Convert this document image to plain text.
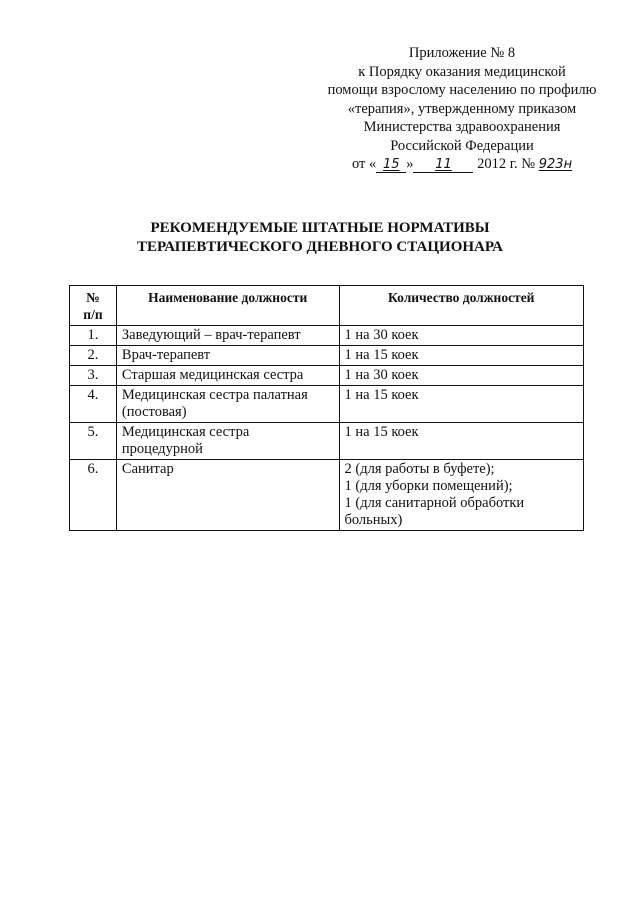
Приложение № 8
к Порядку оказания медицинской
помощи взрослому населению по профилю
«терапия», утвержденному приказом
Министерства здравоохранения
Российской Федерации
от « 15 » 11 2012 г. № 923н
РЕКОМЕНДУЕМЫЕ ШТАТНЫЕ НОРМАТИВЫ
ТЕРАПЕВТИЧЕСКОГО ДНЕВНОГО СТАЦИОНАРА
№
п/п	Наименование должности	Количество должностей
1.	Заведующий – врач-терапевт	1 на 30 коек

2.	Врач-терапевт	1 на 15 коек

3.	Старшая медицинская сестра	1 на 30 коек

4.	Медицинская сестра палатная (постовая)	1 на 15 коек

5.	Медицинская сестра процедурной	1 на 15 коек

6.	Санитар	2 (для работы в буфете);
1 (для уборки помещений);
1 (для санитарной обработки больных)
